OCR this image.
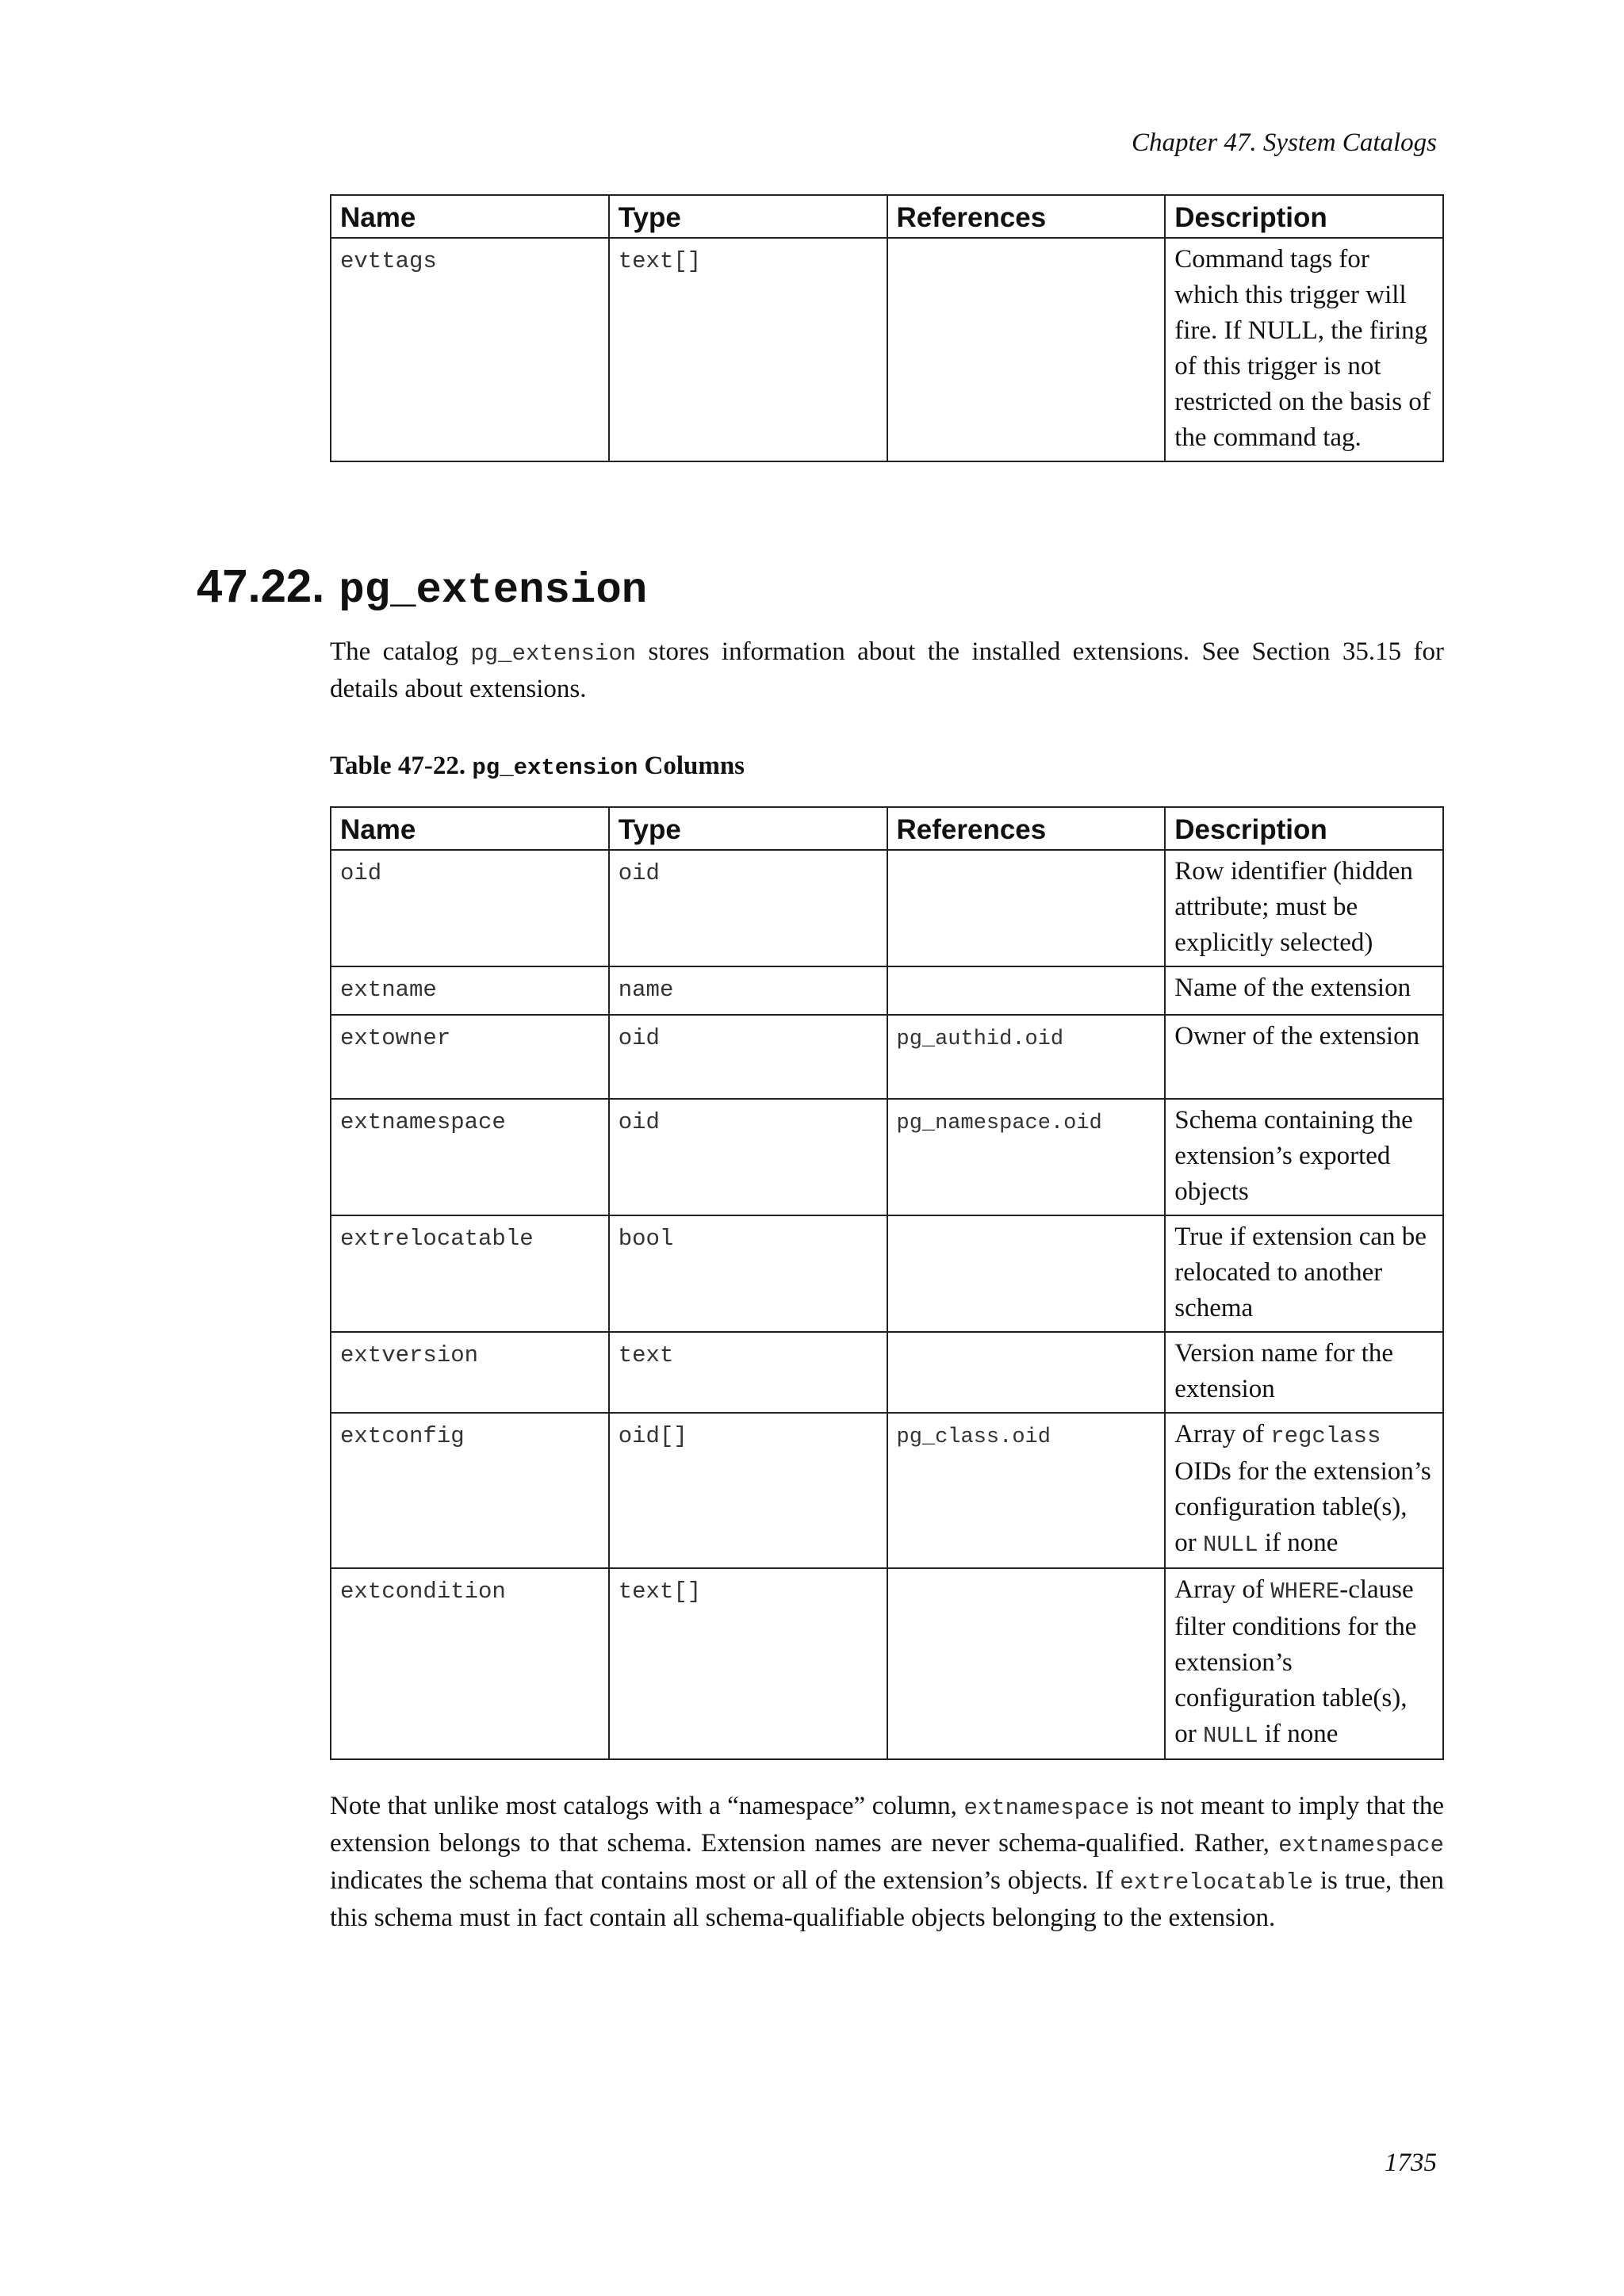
Chapter 47. System Catalogs
Name	Type	References	Description
evttags	text[]		Command tags for which this trigger will fire. If NULL, the firing of this trigger is not restricted on the basis of the command tag.
47.22. pg_extension

The catalog pg_extension stores information about the installed extensions. See Section 35.15 for details about extensions.

Table 47-22. pg_extension Columns

Name	Type	References	Description
oid	oid		Row identifier (hidden attribute; must be explicitly selected)
extname	name		Name of the extension
extowner	oid	pg_authid.oid	Owner of the extension
extnamespace	oid	pg_namespace.oid	Schema containing the extension’s exported objects
extrelocatable	bool		True if extension can be relocated to another schema
extversion	text		Version name for the extension
extconfig	oid[]	pg_class.oid	Array of regclass OIDs for the extension’s configuration table(s), or NULL if none
extcondition	text[]		Array of WHERE-clause filter conditions for the extension’s configuration table(s), or NULL if none

Note that unlike most catalogs with a “namespace” column, extnamespace is not meant to imply that the extension belongs to that schema. Extension names are never schema-qualified. Rather, extnamespace indicates the schema that contains most or all of the extension’s objects. If extrelocatable is true, then this schema must in fact contain all schema-qualifiable objects belonging to the extension.

1735
